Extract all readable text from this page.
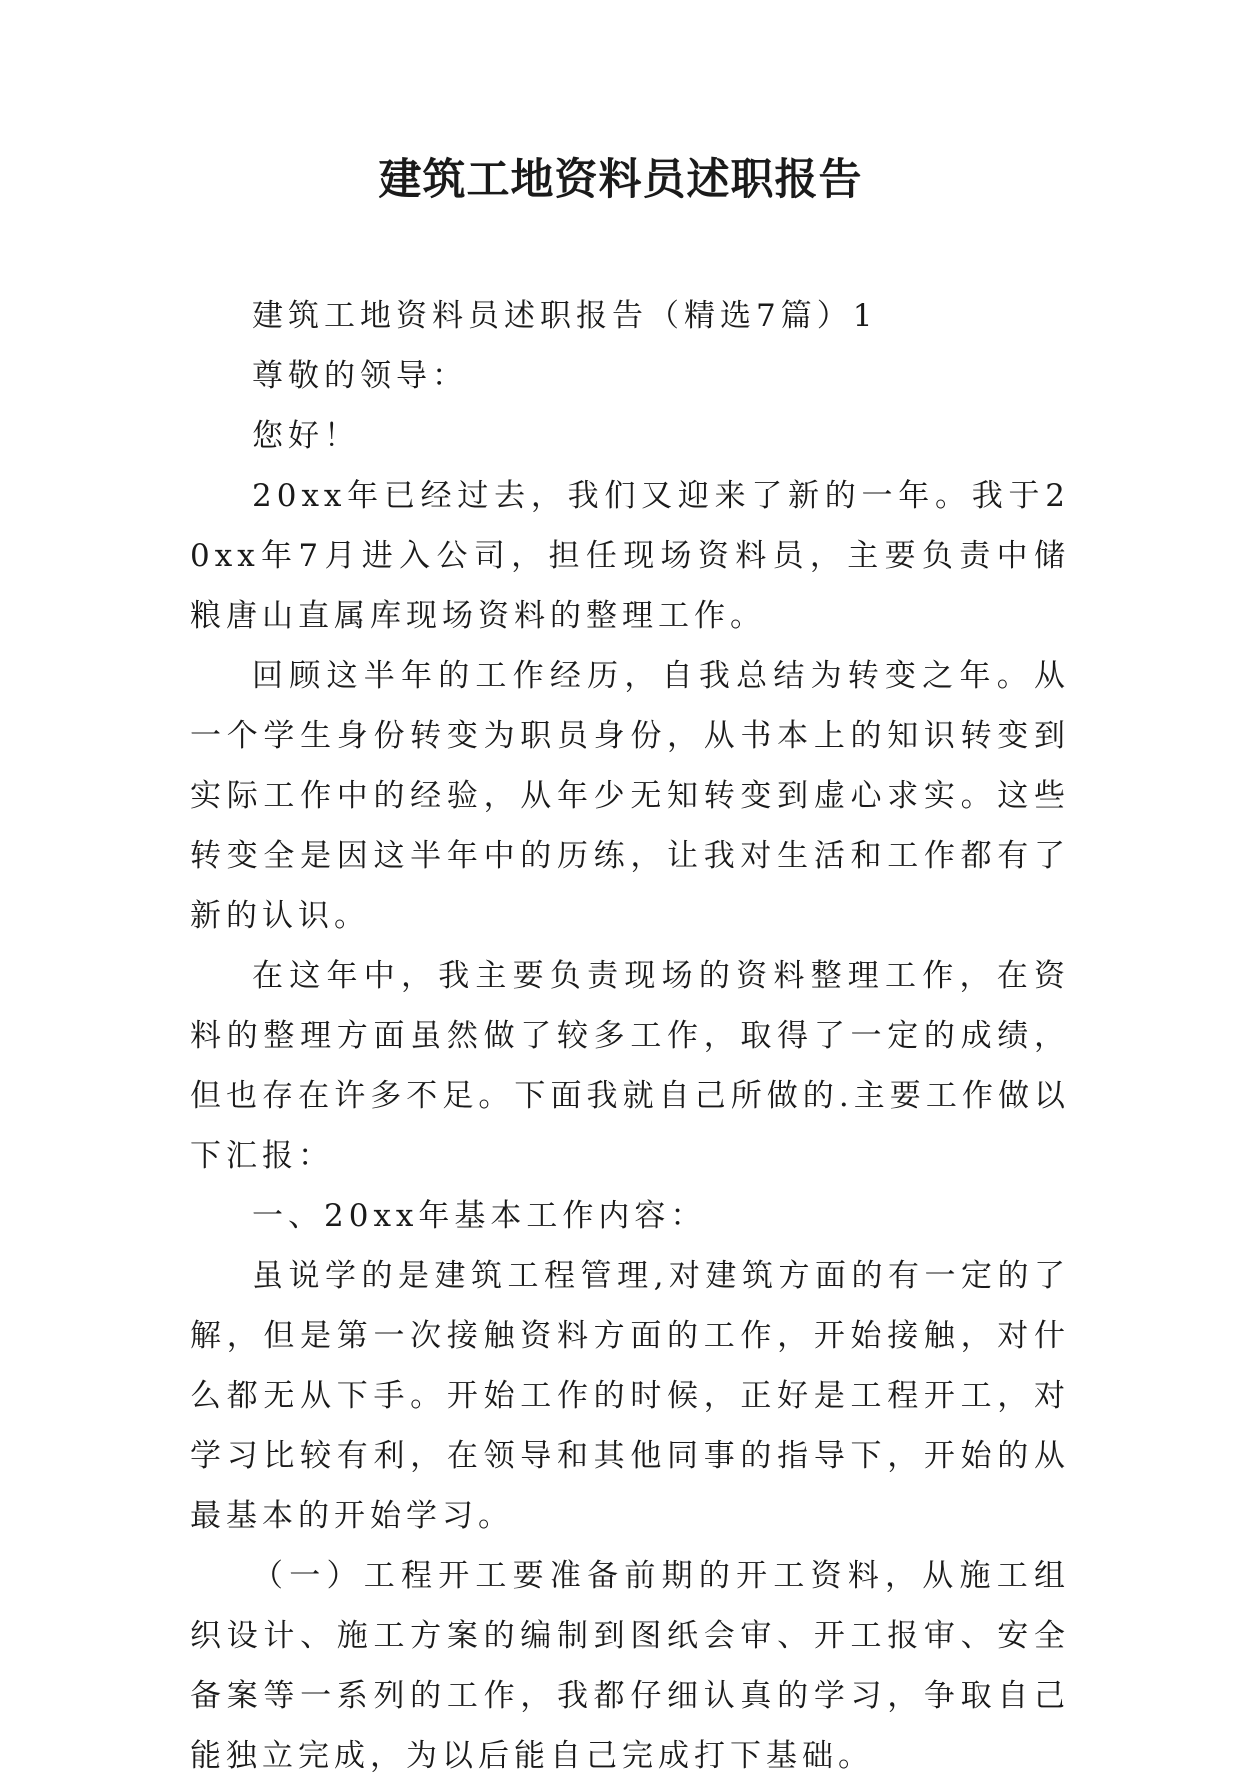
建筑工地资料员述职报告

建筑工地资料员述职报告（精选7篇）1

尊敬的领导：

您好！

20xx年已经过去，我们又迎来了新的一年。我于20xx年7月进入公司，担任现场资料员，主要负责中储粮唐山直属库现场资料的整理工作。

回顾这半年的工作经历，自我总结为转变之年。从一个学生身份转变为职员身份，从书本上的知识转变到实际工作中的经验，从年少无知转变到虚心求实。这些转变全是因这半年中的历练，让我对生活和工作都有了新的认识。

在这年中，我主要负责现场的资料整理工作，在资料的整理方面虽然做了较多工作，取得了一定的成绩，但也存在许多不足。下面我就自己所做的.主要工作做以下汇报：

一、20xx年基本工作内容：

虽说学的是建筑工程管理,对建筑方面的有一定的了解，但是第一次接触资料方面的工作，开始接触，对什么都无从下手。开始工作的时候，正好是工程开工，对学习比较有利，在领导和其他同事的指导下，开始的从最基本的开始学习。

（一）工程开工要准备前期的开工资料，从施工组织设计、施工方案的编制到图纸会审、开工报审、安全备案等一系列的工作，我都仔细认真的学习，争取自己能独立完成，为以后能自己完成打下基础。
